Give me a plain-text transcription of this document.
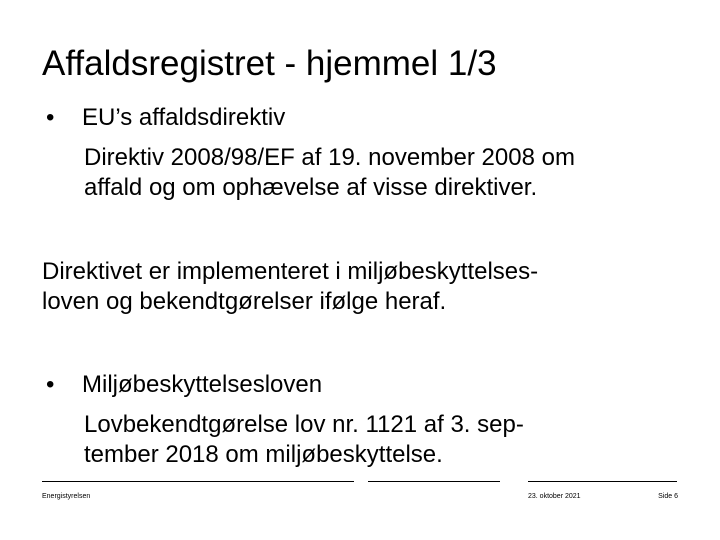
Affaldsregistret - hjemmel 1/3
• EU’s affaldsdirektiv
Direktiv 2008/98/EF af 19. november 2008 om
affald og om ophævelse af visse direktiver.
Direktivet er implementeret i miljøbeskyttelses-
loven og bekendtgørelser ifølge heraf.
• Miljøbeskyttelsesloven
Lovbekendtgørelse lov nr. 1121 af 3. sep-
tember 2018 om miljøbeskyttelse.
Energistyrelsen	23. oktober 2021	Side 6
